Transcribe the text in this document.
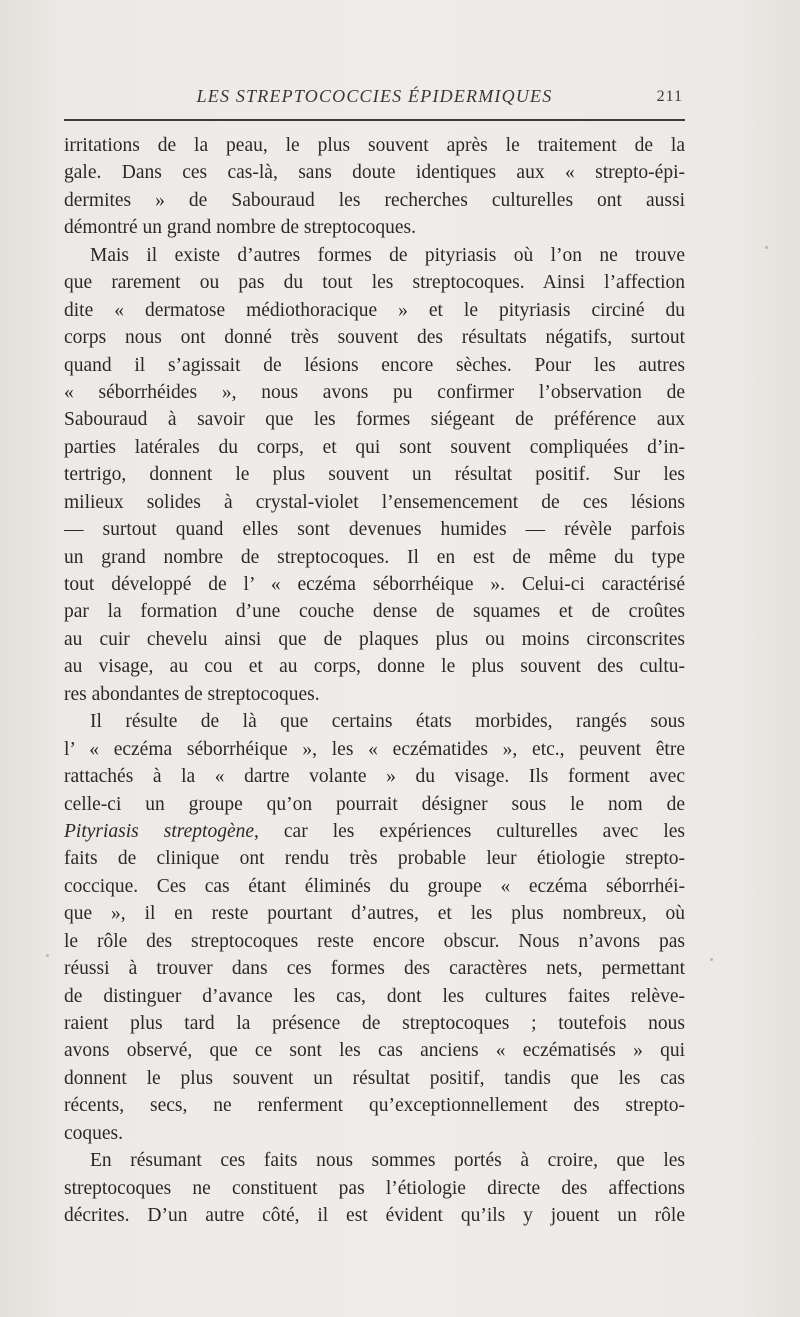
LES STREPTOCOCCIES ÉPIDERMIQUES	211
irritations de la peau, le plus souvent après le traitement de la
gale. Dans ces cas-là, sans doute identiques aux « strepto-épi-
dermites » de Sabouraud les recherches culturelles ont aussi
démontré un grand nombre de streptocoques.
Mais il existe d’autres formes de pityriasis où l’on ne trouve
que rarement ou pas du tout les streptocoques. Ainsi l’affection
dite « dermatose médiothoracique » et le pityriasis circiné du
corps nous ont donné très souvent des résultats négatifs, surtout
quand il s’agissait de lésions encore sèches. Pour les autres
« séborrhéides », nous avons pu confirmer l’observation de
Sabouraud à savoir que les formes siégeant de préférence aux
parties latérales du corps, et qui sont souvent compliquées d’in-
tertrigo, donnent le plus souvent un résultat positif. Sur les
milieux solides à crystal-violet l’ensemencement de ces lésions
— surtout quand elles sont devenues humides — révèle parfois
un grand nombre de streptocoques. Il en est de même du type
tout développé de l’ « eczéma séborrhéique ». Celui-ci caractérisé
par la formation d’une couche dense de squames et de croûtes
au cuir chevelu ainsi que de plaques plus ou moins circonscrites
au visage, au cou et au corps, donne le plus souvent des cultu-
res abondantes de streptocoques.
Il résulte de là que certains états morbides, rangés sous
l’ « eczéma séborrhéique », les « eczématides », etc., peuvent être
rattachés à la « dartre volante » du visage. Ils forment avec
celle-ci un groupe qu’on pourrait désigner sous le nom de
Pityriasis streptogène, car les expériences culturelles avec les
faits de clinique ont rendu très probable leur étiologie strepto-
coccique. Ces cas étant éliminés du groupe « eczéma séborrhéi-
que », il en reste pourtant d’autres, et les plus nombreux, où
le rôle des streptocoques reste encore obscur. Nous n’avons pas
réussi à trouver dans ces formes des caractères nets, permettant
de distinguer d’avance les cas, dont les cultures faites relève-
raient plus tard la présence de streptocoques ; toutefois nous
avons observé, que ce sont les cas anciens « eczématisés » qui
donnent le plus souvent un résultat positif, tandis que les cas
récents, secs, ne renferment qu’exceptionnellement des strepto-
coques.
En résumant ces faits nous sommes portés à croire, que les
streptocoques ne constituent pas l’étiologie directe des affections
décrites. D’un autre côté, il est évident qu’ils y jouent un rôle
